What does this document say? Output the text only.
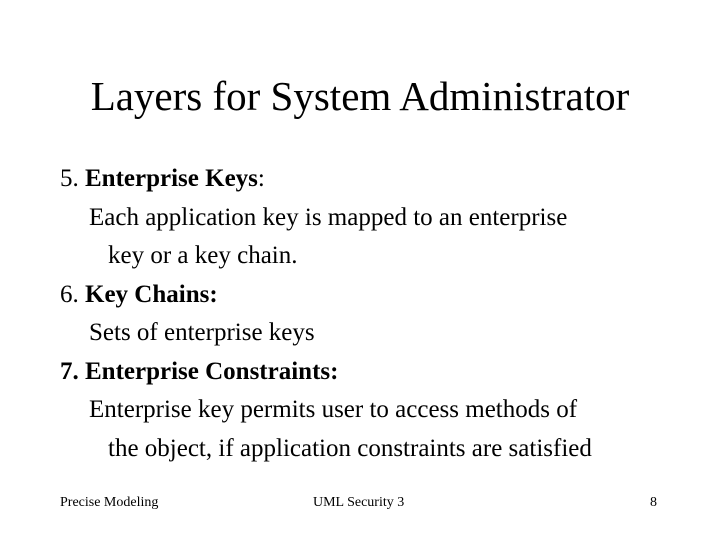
Layers for System Administrator
5. Enterprise Keys:
Each application key is mapped to an enterprise
key or a key chain.
6. Key Chains:
Sets of enterprise keys
7. Enterprise Constraints:
Enterprise key permits user to access methods of
the object, if application constraints are satisfied
Precise Modeling	UML Security 3	8
